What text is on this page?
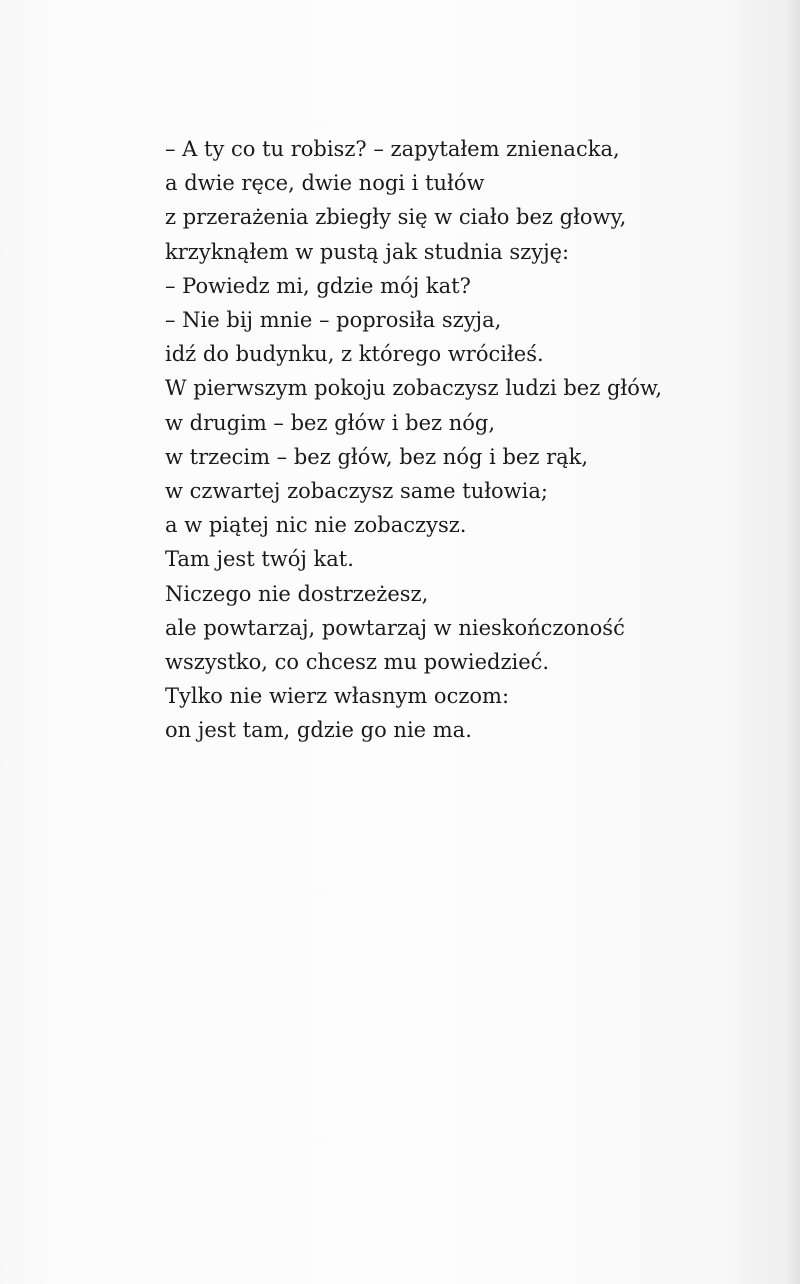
– A ty co tu robisz? – zapytałem znienacka,
a dwie ręce, dwie nogi i tułów
z przerażenia zbiegły się w ciało bez głowy,
krzyknąłem w pustą jak studnia szyję:
– Powiedz mi, gdzie mój kat?
– Nie bij mnie – poprosiła szyja,
idź do budynku, z którego wróciłeś.
W pierwszym pokoju zobaczysz ludzi bez głów,
w drugim – bez głów i bez nóg,
w trzecim – bez głów, bez nóg i bez rąk,
w czwartej zobaczysz same tułowia;
a w piątej nic nie zobaczysz.
Tam jest twój kat.
Niczego nie dostrzeżesz,
ale powtarzaj, powtarzaj w nieskończoność
wszystko, co chcesz mu powiedzieć.
Tylko nie wierz własnym oczom:
on jest tam, gdzie go nie ma.
